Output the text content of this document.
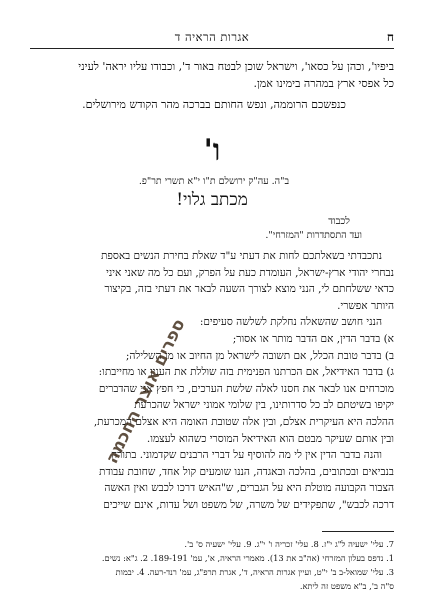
ח
אגרות הראיה ד

ביפיו', וכהן על כסאו', וישראל שוכן לבטח באור ד', וכבודו עליו יראה' לעיני

כל אפסי ארץ במהרה בימינו אמן.

כנפשכם הרוממה, ונפש החותם בברכה מהר הקודש מירושלים.
ו'
ב"ה. עה"ק ירושלם ת"ו י"א תשרי תר"פ.
מכתב גלוי!
לכבוד
ועד התסתדרות "המזרחי".

נתכבדתי בשאלתכם לחות את דעתי ע"ד שאלת בחירת הנשים באספת

נבחרי יהודי ארץ-ישראל, העומדת כעת על הפרק, ועם כל מה שאני איני

כדאי ששלחתם לי, הנני מוצא לצורך השעה לבאר את דעתי בזה, בקיצור

היותר אפשרי.

הנני חושב שהשאלה נחלקת לשלשה סעיפים:

א) בדבר הדין, אם הדבר מותר או אסור;

ב) בדבר טובת הכלל, אם תשובה לישראל מן החיוב או מן השלילה;

ג) בדבר האידיאל, אם הכרתנו הפנימית בזה שוללת את הענין או מחייבתו:

מוכרחים אנו לבאר את חסנו לאלה שלשת הערכים, כי חפץ אני שהדברים

יקיפו בשיטתם לב כל סדרותינו, בין שלומי אמוני ישראל שהכרעת

ההלכה היא העיקרית אצלם, ובין אלה שטובת האומה היא אצלם המכרעת,

ובין אותם שעיקר מבטם הוא האידיאל המוסרי כשהוא לעצמו.

והנה בדבר הדין אין לי מה להוסיף על דברי הרבנים שקדמוני. בתורה

בנביאים ובכתובים, בהלכה ובאגדה, הננו שומעים קול אחד, שחובת עבודת

הצבור הקבועה מוטלת היא על הגברים, ש"האיש דרכו לכבש ואין האשה

דרכה לכבש", שתפקידים של משרה, של משפט ושל עדות, אינם שייכים

7. עלי' ישעיה ל"ג י"ז. 8. עלי' זכריה ו' י"ג. 9. עלי' ישעיה ס' ב'.

1. נדפס בעלון המזרחי (אה"ב את 13). מאמרי הראיה, א', עמ' 189-191. 2. ג"א: נשים.

3. עלי' שמואל-ב ב' י"ט, ועיין אגרות הראיה, ד', אגרת תרפ"ג, עמ' רנד-רעה. 4. יבמות

ס"ה ב', ב"א משפט זה ליתא.

ספרים אוצר החכמה
